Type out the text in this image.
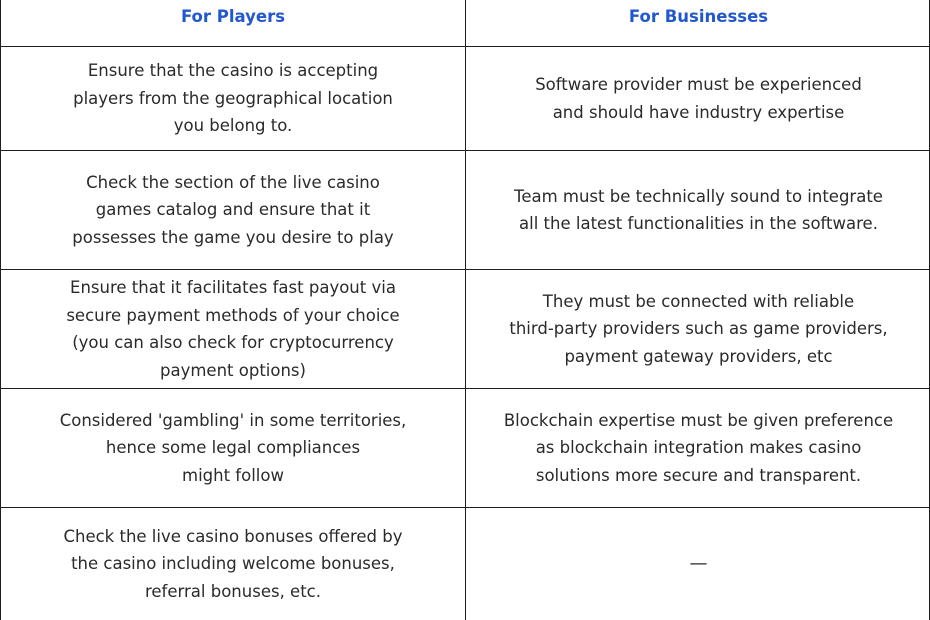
For Players	For Businesses
Ensure that the casino is accepting
players from the geographical location
you belong to.
Software provider must be experienced
and should have industry expertise
Check the section of the live casino
games catalog and ensure that it
possesses the game you desire to play
Team must be technically sound to integrate
all the latest functionalities in the software.
Ensure that it facilitates fast payout via
secure payment methods of your choice
(you can also check for cryptocurrency
payment options)
They must be connected with reliable
third-party providers such as game providers,
payment gateway providers, etc
Considered 'gambling' in some territories,
hence some legal compliances
might follow
Blockchain expertise must be given preference
as blockchain integration makes casino
solutions more secure and transparent.
Check the live casino bonuses offered by
the casino including welcome bonuses,
referral bonuses, etc.
—
